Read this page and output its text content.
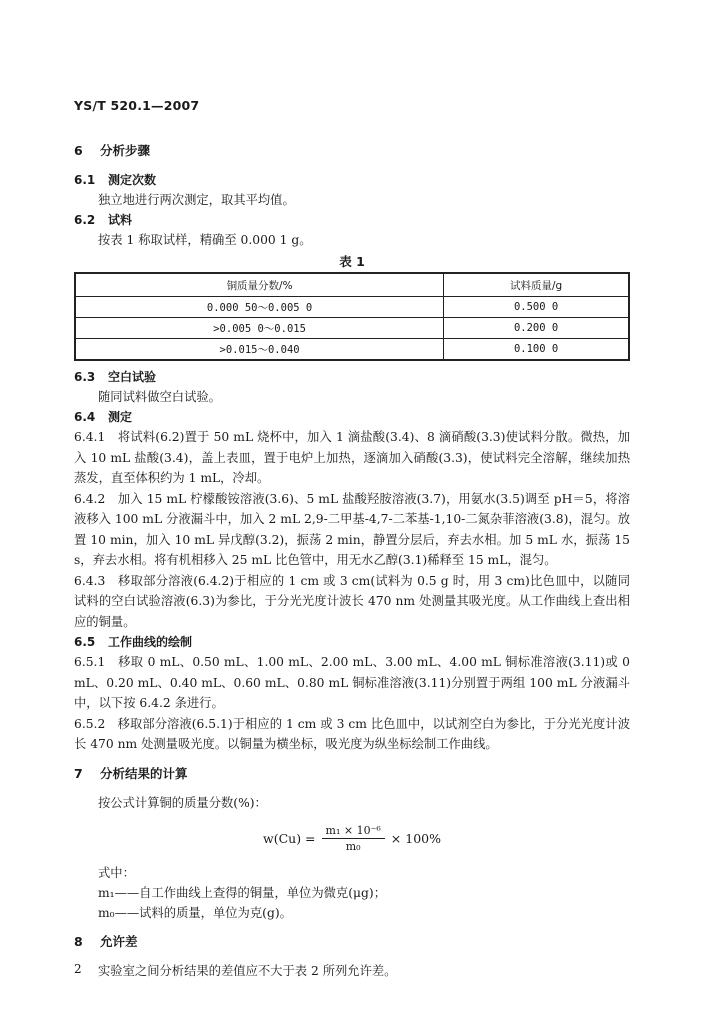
YS/T 520.1—2007
6 分析步骤
6.1 测定次数

独立地进行两次测定，取其平均值。

6.2 试料

按表 1 称取试样，精确至 0.000 1 g。

表 1
铜质量分数/%	试料质量/g
0.000 50～0.005 0	0.500 0
>0.005 0～0.015	0.200 0
>0.015～0.040	0.100 0
6.3 空白试验

随同试料做空白试验。

6.4 测定

6.4.1　将试料(6.2)置于 50 mL 烧杯中，加入 1 滴盐酸(3.4)、8 滴硝酸(3.3)使试料分散。微热，加入 10 mL 盐酸(3.4)，盖上表皿，置于电炉上加热，逐滴加入硝酸(3.3)，使试料完全溶解，继续加热蒸发，直至体积约为 1 mL，冷却。

6.4.2　加入 15 mL 柠檬酸铵溶液(3.6)、5 mL 盐酸羟胺溶液(3.7)，用氨水(3.5)调至 pH＝5，将溶液移入 100 mL 分液漏斗中，加入 2 mL 2,9-二甲基-4,7-二苯基-1,10-二氮杂菲溶液(3.8)，混匀。放置 10 min，加入 10 mL 异戊醇(3.2)，振荡 2 min，静置分层后，弃去水相。加 5 mL 水，振荡 15 s，弃去水相。将有机相移入 25 mL 比色管中，用无水乙醇(3.1)稀释至 15 mL，混匀。

6.4.3　移取部分溶液(6.4.2)于相应的 1 cm 或 3 cm(试料为 0.5 g 时，用 3 cm)比色皿中，以随同试料的空白试验溶液(6.3)为参比，于分光光度计波长 470 nm 处测量其吸光度。从工作曲线上查出相应的铜量。

6.5 工作曲线的绘制

6.5.1　移取 0 mL、0.50 mL、1.00 mL、2.00 mL、3.00 mL、4.00 mL 铜标准溶液(3.11)或 0 mL、0.20 mL、0.40 mL、0.60 mL、0.80 mL 铜标准溶液(3.11)分别置于两组 100 mL 分液漏斗中，以下按 6.4.2 条进行。

6.5.2　移取部分溶液(6.5.1)于相应的 1 cm 或 3 cm 比色皿中，以试剂空白为参比，于分光光度计波长 470 nm 处测量吸光度。以铜量为横坐标，吸光度为纵坐标绘制工作曲线。

7 分析结果的计算

按公式计算铜的质量分数(%)：

$w(Cu) = \frac{\text{m₁ × 10⁻⁶}}{\text{m₀}} \times 100\%$

式中：

m₁——自工作曲线上查得的铜量，单位为微克(μg)；

m₀——试料的质量，单位为克(g)。

8 允许差

实验室之间分析结果的差值应不大于表 2 所列允许差。

2
